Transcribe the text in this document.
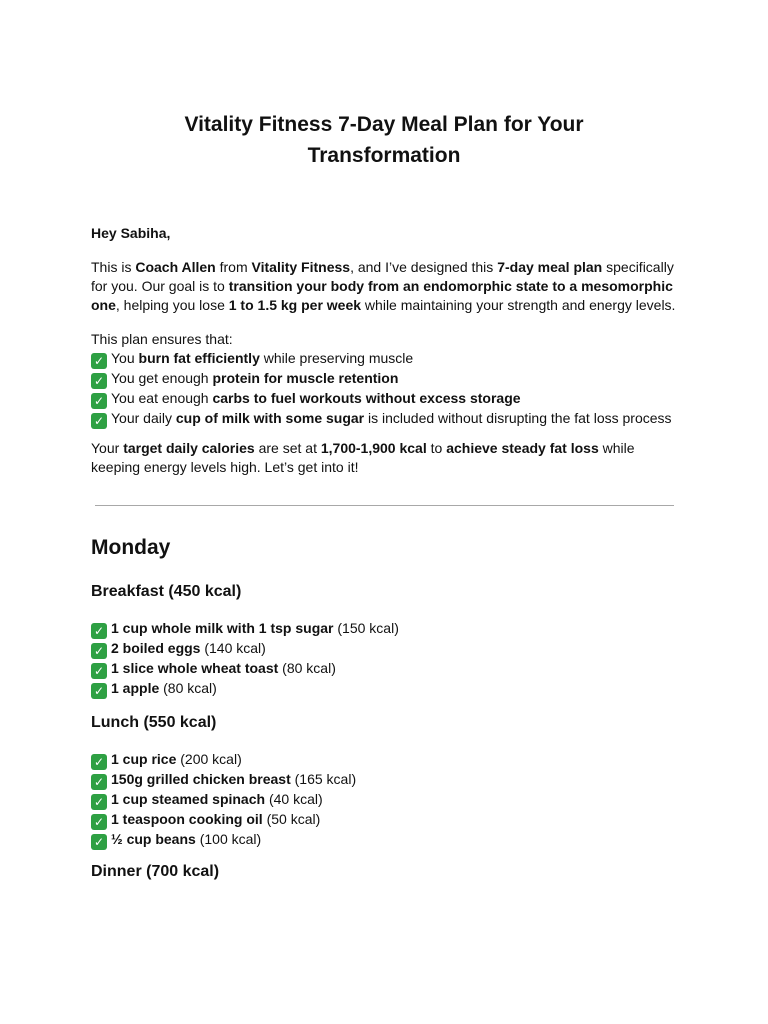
Vitality Fitness 7-Day Meal Plan for Your Transformation

Hey Sabiha,

This is Coach Allen from Vitality Fitness, and I’ve designed this 7-day meal plan specifically for you. Our goal is to transition your body from an endomorphic state to a mesomorphic one, helping you lose 1 to 1.5 kg per week while maintaining your strength and energy levels.

This plan ensures that:
✓ You burn fat efficiently while preserving muscle
✓ You get enough protein for muscle retention
✓ You eat enough carbs to fuel workouts without excess storage
✓ Your daily cup of milk with some sugar is included without disrupting the fat loss process

Your target daily calories are set at 1,700-1,900 kcal to achieve steady fat loss while keeping energy levels high. Let’s get into it!

Monday
Breakfast (450 kcal)
✓ 1 cup whole milk with 1 tsp sugar (150 kcal)
✓ 2 boiled eggs (140 kcal)
✓ 1 slice whole wheat toast (80 kcal)
✓ 1 apple (80 kcal)
Lunch (550 kcal)
✓ 1 cup rice (200 kcal)
✓ 150g grilled chicken breast (165 kcal)
✓ 1 cup steamed spinach (40 kcal)
✓ 1 teaspoon cooking oil (50 kcal)
✓ ½ cup beans (100 kcal)
Dinner (700 kcal)
